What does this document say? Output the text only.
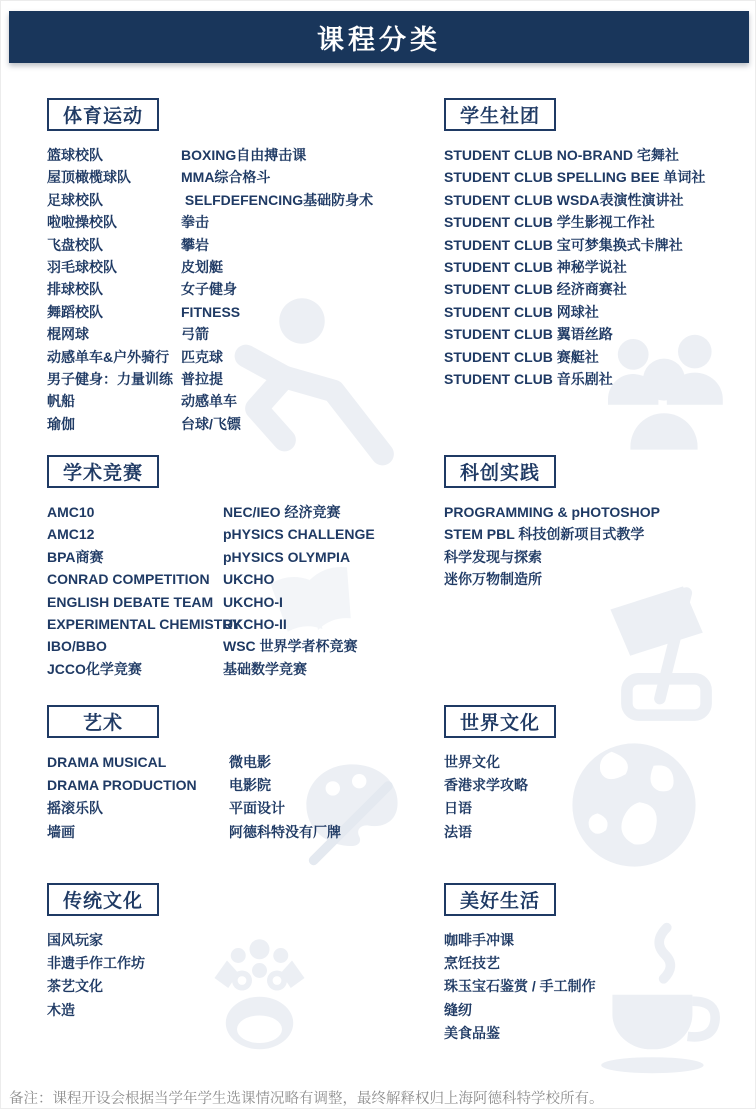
课程分类
体育运动
篮球校队
屋顶橄榄球队
足球校队
啦啦操校队
飞盘校队
羽毛球校队
排球校队
舞蹈校队
棍网球
动感单车&户外骑行
男子健身：力量训练
帆船
瑜伽
BOXING自由搏击课
MMA综合格斗
SELFDEFENCING基础防身术
拳击
攀岩
皮划艇
女子健身
FITNESS
弓箭
匹克球
普拉提
动感单车
台球/飞镖
学生社团
STUDENT CLUB NO-BRAND 宅舞社
STUDENT CLUB SPELLING BEE 单词社
STUDENT CLUB WSDA表演性演讲社
STUDENT CLUB 学生影视工作社
STUDENT CLUB 宝可梦集换式卡牌社
STUDENT CLUB 神秘学说社
STUDENT CLUB 经济商赛社
STUDENT CLUB 网球社
STUDENT CLUB 翼语丝路
STUDENT CLUB 赛艇社
STUDENT CLUB 音乐剧社
学术竞赛
AMC10
AMC12
BPA商赛
CONRAD COMPETITION
ENGLISH DEBATE TEAM
EXPERIMENTAL CHEMISTRY
IBO/BBO
JCCO化学竞赛
NEC/IEO 经济竞赛
pHYSICS CHALLENGE
pHYSICS OLYMPIA
UKCHO
UKCHO-I
UKCHO-II
WSC 世界学者杯竞赛
基础数学竞赛
科创实践
PROGRAMMING & pHOTOSHOP
STEM PBL 科技创新项目式教学
科学发现与探索
迷你万物制造所
艺术
DRAMA MUSICAL
DRAMA PRODUCTION
摇滚乐队
墙画
微电影
电影院
平面设计
阿德科特没有厂牌
世界文化
世界文化
香港求学攻略
日语
法语
传统文化
国风玩家
非遗手作工作坊
茶艺文化
木造
美好生活
咖啡手冲课
烹饪技艺
珠玉宝石鉴赏 / 手工制作
缝纫
美食品鉴
备注：课程开设会根据当学年学生选课情况略有调整，最终解释权归上海阿德科特学校所有。
